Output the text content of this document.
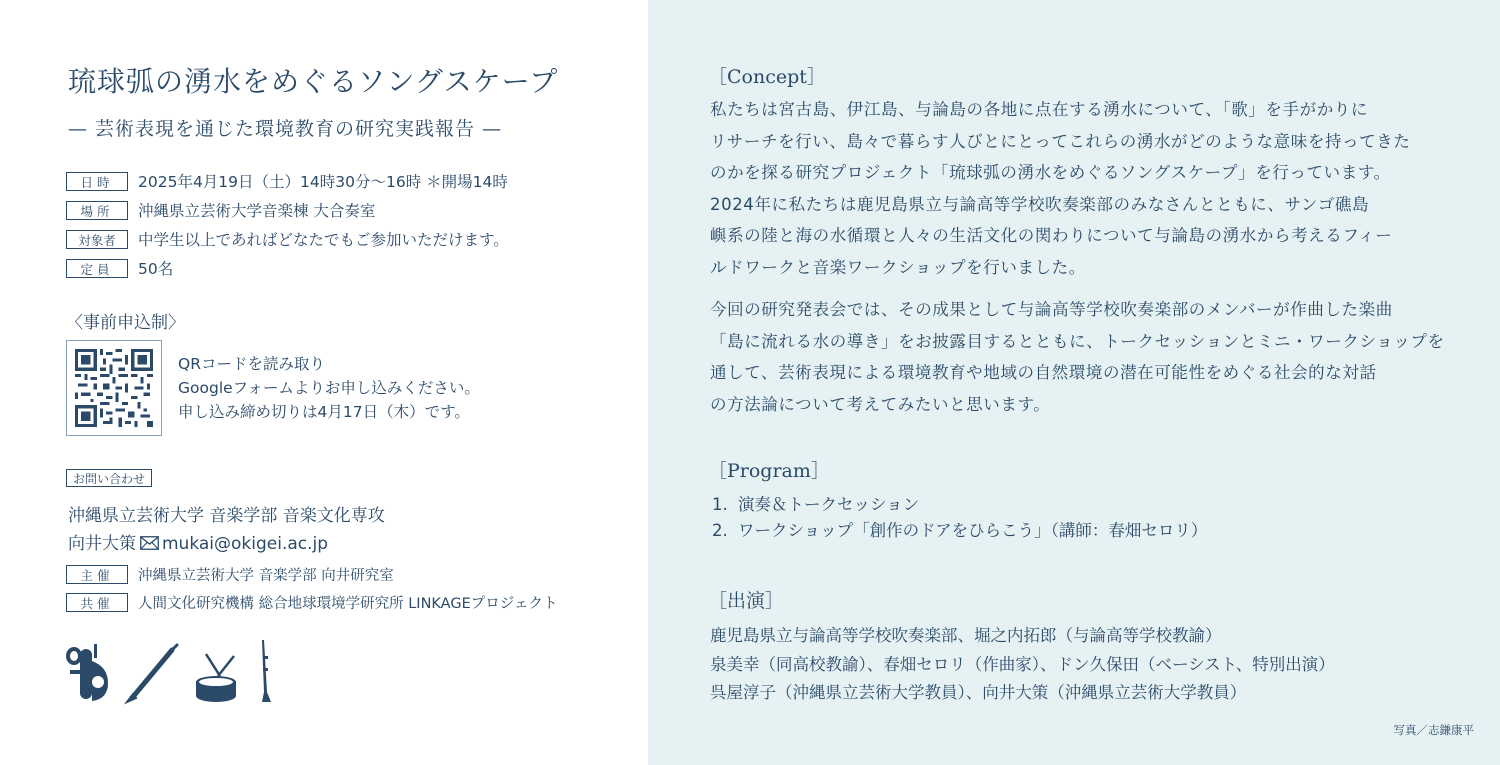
琉球弧の湧水をめぐるソングスケープ
— 芸術表現を通じた環境教育の研究実践報告 —
日時	2025年4月19日（土）14時30分〜16時 ＊開場14時
場所	沖縄県立芸術大学音楽棟 大合奏室
対象者	中学生以上であればどなたでもご参加いただけます。
定員	50名
〈事前申込制〉
QRコードを読み取り
Googleフォームよりお申し込みください。
申し込み締め切りは4月17日（木）です。
お問い合わせ
沖縄県立芸術大学 音楽学部 音楽文化専攻
向井大策 mukai@okigei.ac.jp
主催	沖縄県立芸術大学 音楽学部 向井研究室
共催	人間文化研究機構 総合地球環境学研究所 LINKAGEプロジェクト
［Concept］
私たちは宮古島、伊江島、与論島の各地に点在する湧水について、「歌」を手がかりに
リサーチを行い、島々で暮らす人びとにとってこれらの湧水がどのような意味を持ってきた
のかを探る研究プロジェクト「琉球弧の湧水をめぐるソングスケープ」を行っています。
2024年に私たちは鹿児島県立与論高等学校吹奏楽部のみなさんとともに、サンゴ礁島
嶼系の陸と海の水循環と人々の生活文化の関わりについて与論島の湧水から考えるフィー
ルドワークと音楽ワークショップを行いました。
今回の研究発表会では、その成果として与論高等学校吹奏楽部のメンバーが作曲した楽曲
「島に流れる水の導き」をお披露目するとともに、トークセッションとミニ・ワークショップを
通して、芸術表現による環境教育や地域の自然環境の潜在可能性をめぐる社会的な対話
の方法論について考えてみたいと思います。
［Program］
1. 演奏＆トークセッション
2. ワークショップ「創作のドアをひらこう」（講師：春畑セロリ）
［出演］
鹿児島県立与論高等学校吹奏楽部、堀之内拓郎（与論高等学校教諭）
泉美幸（同高校教諭）、春畑セロリ（作曲家）、ドン久保田（ベーシスト、特別出演）
呉屋淳子（沖縄県立芸術大学教員）、向井大策（沖縄県立芸術大学教員）
写真／志鎌康平
